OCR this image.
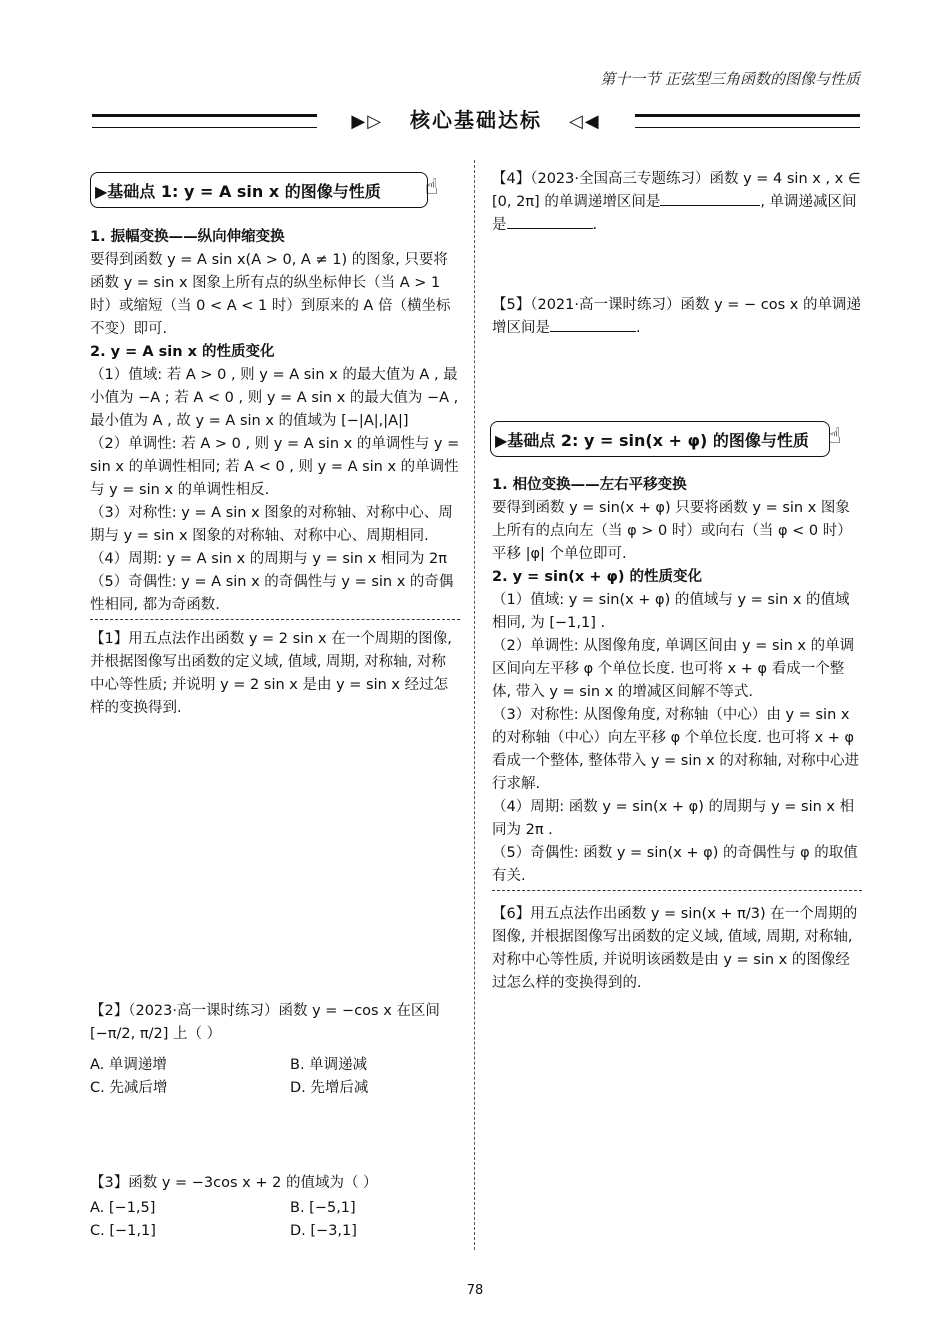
第十一节 正弦型三角函数的图像与性质
▶▷ 核心基础达标 ◁◀
▶基础点 1: y = A sin x 的图像与性质 ☝
1. 振幅变换——纵向伸缩变换
要得到函数 y = A sin x(A > 0, A ≠ 1) 的图象, 只要将函数 y = sin x 图象上所有点的纵坐标伸长（当 A > 1 时）或缩短（当 0 < A < 1 时）到原来的 A 倍（横坐标不变）即可.
2. y = A sin x 的性质变化
（1）值域: 若 A > 0 , 则 y = A sin x 的最大值为 A , 最小值为 −A ; 若 A < 0 , 则 y = A sin x 的最大值为 −A , 最小值为 A , 故 y = A sin x 的值域为 [−|A|,|A|]
（2）单调性: 若 A > 0 , 则 y = A sin x 的单调性与 y = sin x 的单调性相同; 若 A < 0 , 则 y = A sin x 的单调性与 y = sin x 的单调性相反.
（3）对称性: y = A sin x 图象的对称轴、对称中心、周期与 y = sin x 图象的对称轴、对称中心、周期相同.
（4）周期: y = A sin x 的周期与 y = sin x 相同为 2π
（5）奇偶性: y = A sin x 的奇偶性与 y = sin x 的奇偶性相同, 都为奇函数.
【1】用五点法作出函数 y = 2 sin x 在一个周期的图像, 并根据图像写出函数的定义域, 值域, 周期, 对称轴, 对称中心等性质; 并说明 y = 2 sin x 是由 y = sin x 经过怎样的变换得到.
【2】（2023·高一课时练习）函数 y = −cos x 在区间 [−π/2, π/2] 上（ ）
A. 单调递增	B. 单调递减
C. 先减后增	D. 先增后减
【3】函数 y = −3cos x + 2 的值域为（ ）
A. [−1,5]	B. [−5,1]
C. [−1,1]	D. [−3,1]
【4】（2023·全国高三专题练习）函数 y = 4 sin x , x ∈ [0, 2π] 的单调递增区间是	, 单调递减区间是	.
【5】（2021·高一课时练习）函数 y = − cos x 的单调递增区间是	.
▶基础点 2: y = sin(x + φ) 的图像与性质 ☝
1. 相位变换——左右平移变换
要得到函数 y = sin(x + φ) 只要将函数 y = sin x 图象上所有的点向左（当 φ > 0 时）或向右（当 φ < 0 时）平移 |φ| 个单位即可.
2. y = sin(x + φ) 的性质变化
（1）值域: y = sin(x + φ) 的值域与 y = sin x 的值域相同, 为 [−1,1] .
（2）单调性: 从图像角度, 单调区间由 y = sin x 的单调区间向左平移 φ 个单位长度. 也可将 x + φ 看成一个整体, 带入 y = sin x 的增减区间解不等式.
（3）对称性: 从图像角度, 对称轴（中心）由 y = sin x 的对称轴（中心）向左平移 φ 个单位长度. 也可将 x + φ 看成一个整体, 整体带入 y = sin x 的对称轴, 对称中心进行求解.
（4）周期: 函数 y = sin(x + φ) 的周期与 y = sin x 相同为 2π .
（5）奇偶性: 函数 y = sin(x + φ) 的奇偶性与 φ 的取值有关.
【6】用五点法作出函数 y = sin(x + π/3) 在一个周期的图像, 并根据图像写出函数的定义域, 值域, 周期, 对称轴, 对称中心等性质, 并说明该函数是由 y = sin x 的图像经过怎么样的变换得到的.
78
